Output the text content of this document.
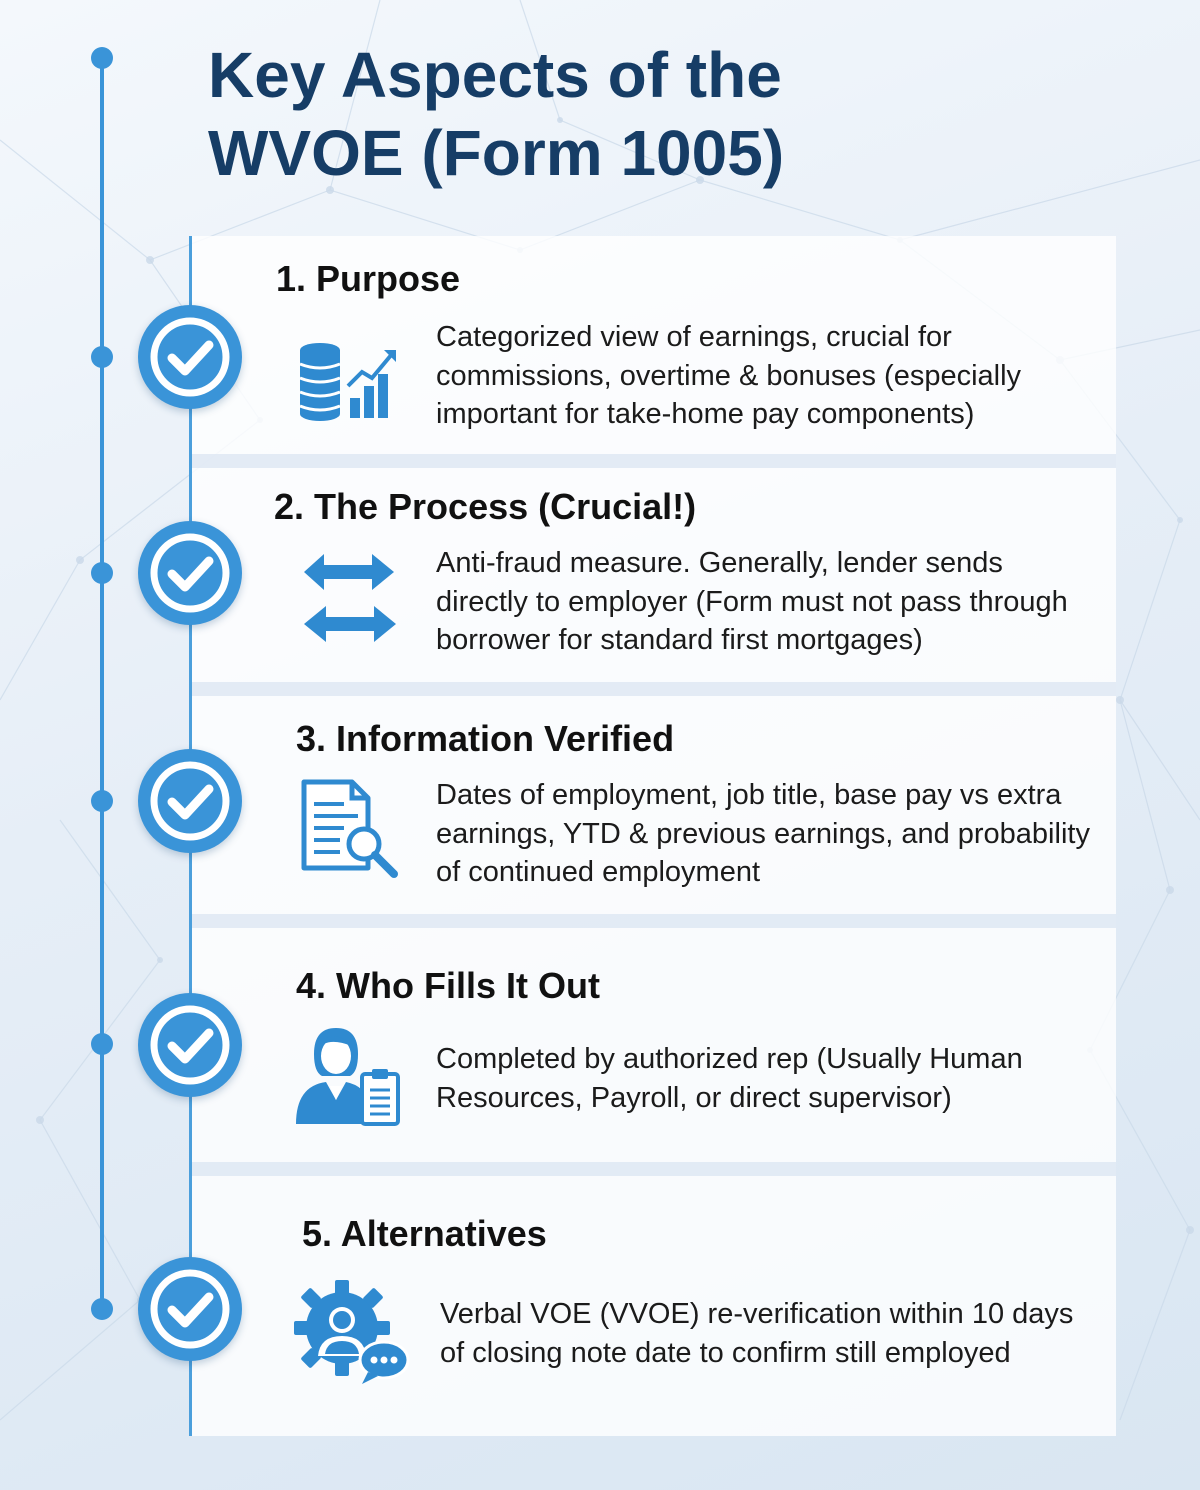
Key Aspects of the
WVOE (Form 1005)
1. Purpose

Categorized view of earnings, crucial for
commissions, overtime & bonuses (especially
important for take-home pay components)

2. The Process (Crucial!)

Anti-fraud measure. Generally, lender sends
directly to employer (Form must not pass through
borrower for standard first mortgages)

3. Information Verified

Dates of employment, job title, base pay vs extra
earnings, YTD & previous earnings, and probability
of continued employment

4. Who Fills It Out

Completed by authorized rep (Usually Human
Resources, Payroll, or direct supervisor)

5. Alternatives

Verbal VOE (VVOE) re-verification within 10 days
of closing note date to confirm still employed
